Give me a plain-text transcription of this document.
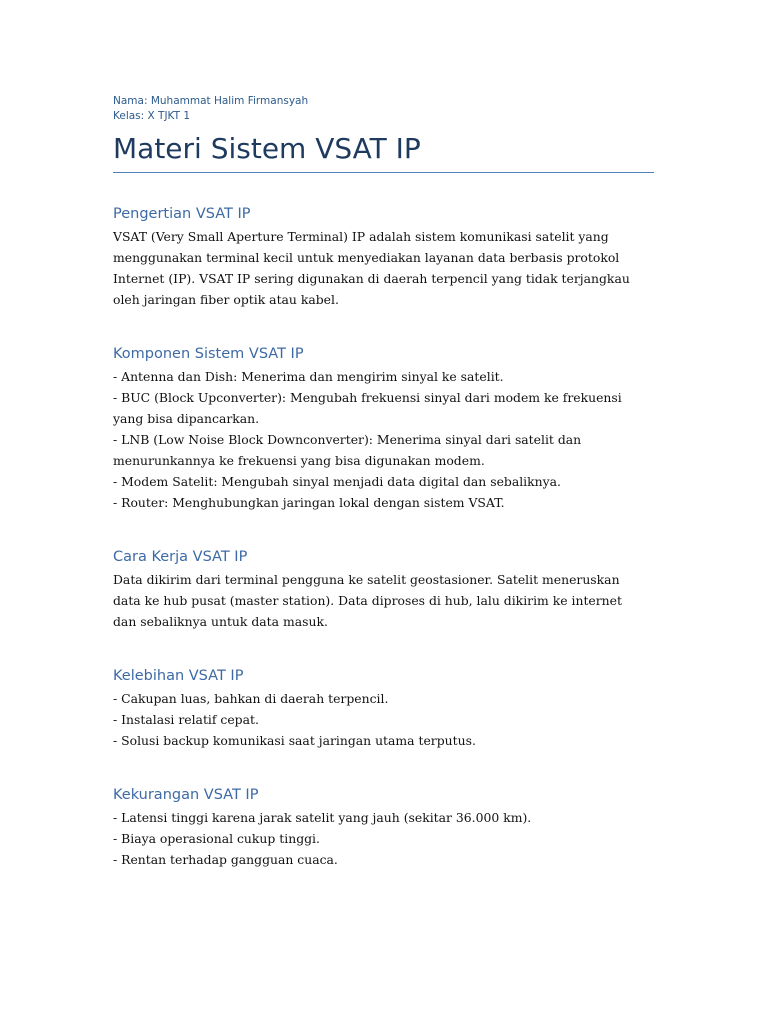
Nama: Muhammat Halim Firmansyah

Kelas: X TJKT 1

Materi Sistem VSAT IP
Pengertian VSAT IP
VSAT (Very Small Aperture Terminal) IP adalah sistem komunikasi satelit yang
menggunakan terminal kecil untuk menyediakan layanan data berbasis protokol
Internet (IP). VSAT IP sering digunakan di daerah terpencil yang tidak terjangkau
oleh jaringan fiber optik atau kabel.
Komponen Sistem VSAT IP
- Antenna dan Dish: Menerima dan mengirim sinyal ke satelit.
- BUC (Block Upconverter): Mengubah frekuensi sinyal dari modem ke frekuensi
yang bisa dipancarkan.
- LNB (Low Noise Block Downconverter): Menerima sinyal dari satelit dan
menurunkannya ke frekuensi yang bisa digunakan modem.
- Modem Satelit: Mengubah sinyal menjadi data digital dan sebaliknya.
- Router: Menghubungkan jaringan lokal dengan sistem VSAT.
Cara Kerja VSAT IP
Data dikirim dari terminal pengguna ke satelit geostasioner. Satelit meneruskan
data ke hub pusat (master station). Data diproses di hub, lalu dikirim ke internet
dan sebaliknya untuk data masuk.
Kelebihan VSAT IP
- Cakupan luas, bahkan di daerah terpencil.
- Instalasi relatif cepat.
- Solusi backup komunikasi saat jaringan utama terputus.
Kekurangan VSAT IP
- Latensi tinggi karena jarak satelit yang jauh (sekitar 36.000 km).
- Biaya operasional cukup tinggi.
- Rentan terhadap gangguan cuaca.
